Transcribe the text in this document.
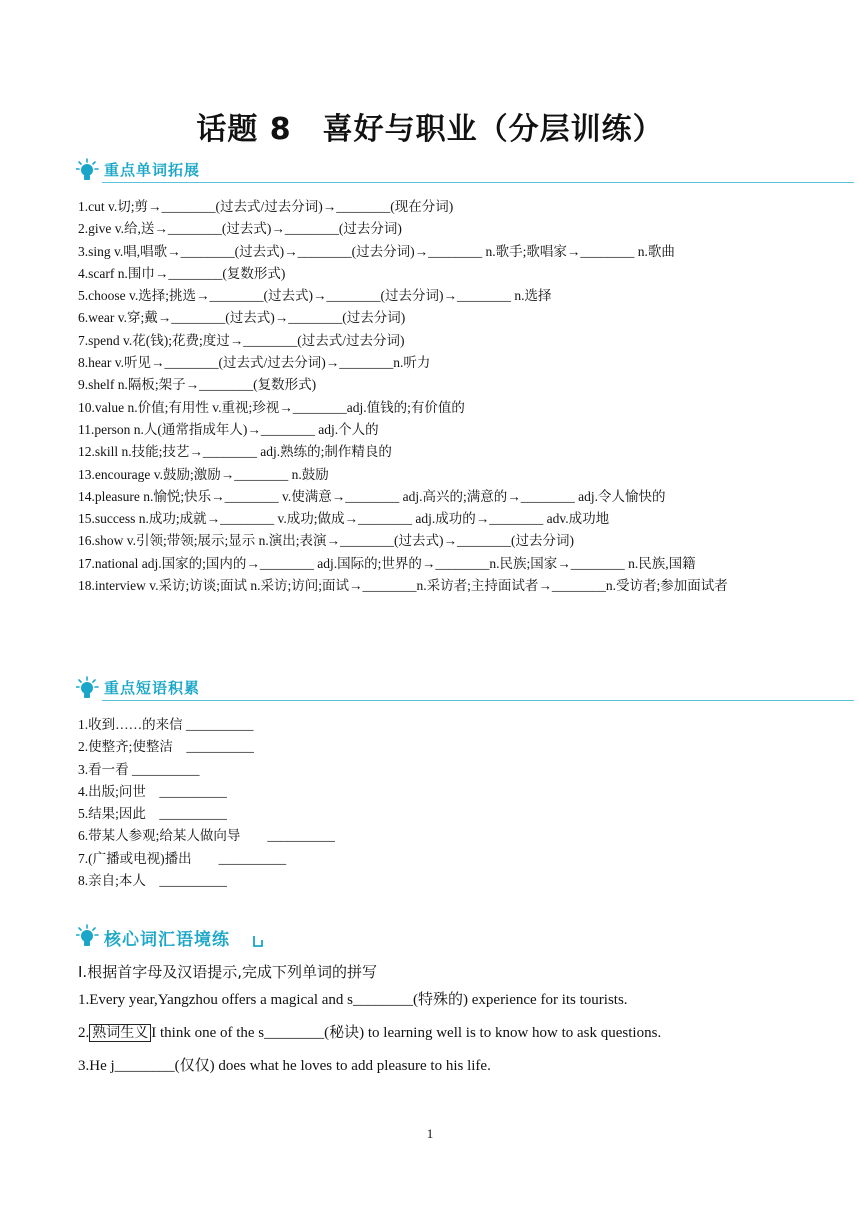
话题 8　喜好与职业（分层训练）
重点单词拓展
1.cut v.切;剪→________(过去式/过去分词)→________(现在分词)
2.give v.给,送→________(过去式)→________(过去分词)
3.sing v.唱,唱歌→________(过去式)→________(过去分词)→________ n.歌手;歌唱家→________ n.歌曲
4.scarf n.围巾→________(复数形式)
5.choose v.选择;挑选→________(过去式)→________(过去分词)→________ n.选择
6.wear v.穿;戴→________(过去式)→________(过去分词)
7.spend v.花(钱);花费;度过→________(过去式/过去分词)
8.hear v.听见→________(过去式/过去分词)→________n.听力
9.shelf n.隔板;架子→________(复数形式)
10.value n.价值;有用性 v.重视;珍视→________adj.值钱的;有价值的
11.person n.人(通常指成年人)→________ adj.个人的
12.skill n.技能;技艺→________ adj.熟练的;制作精良的
13.encourage v.鼓励;激励→________ n.鼓励
14.pleasure n.愉悦;快乐→________ v.使满意→________ adj.高兴的;满意的→________ adj.令人愉快的
15.success n.成功;成就→________ v.成功;做成→________ adj.成功的→________ adv.成功地
16.show v.引领;带领;展示;显示 n.演出;表演→________(过去式)→________(过去分词)
17.national adj.国家的;国内的→________ adj.国际的;世界的→________n.民族;国家→________ n.民族,国籍
18.interview v.采访;访谈;面试 n.采访;访问;面试→________n.采访者;主持面试者→________n.受访者;参加面试者
重点短语积累
1.收到……的来信 __________
2.使整齐;使整洁　__________
3.看一看 __________
4.出版;问世　__________
5.结果;因此　__________
6.带某人参观;给某人做向导　　__________
7.(广播或电视)播出　　__________
8.亲自;本人　__________
核心词汇语境练
Ⅰ.根据首字母及汉语提示,完成下列单词的拼写
1.Every year,Yangzhou offers a magical and s________(特殊的) experience for its tourists.
2. 熟词生义 I think one of the s________(秘诀) to learning well is to know how to ask questions.
3.He j________(仅仅) does what he loves to add pleasure to his life.
1
